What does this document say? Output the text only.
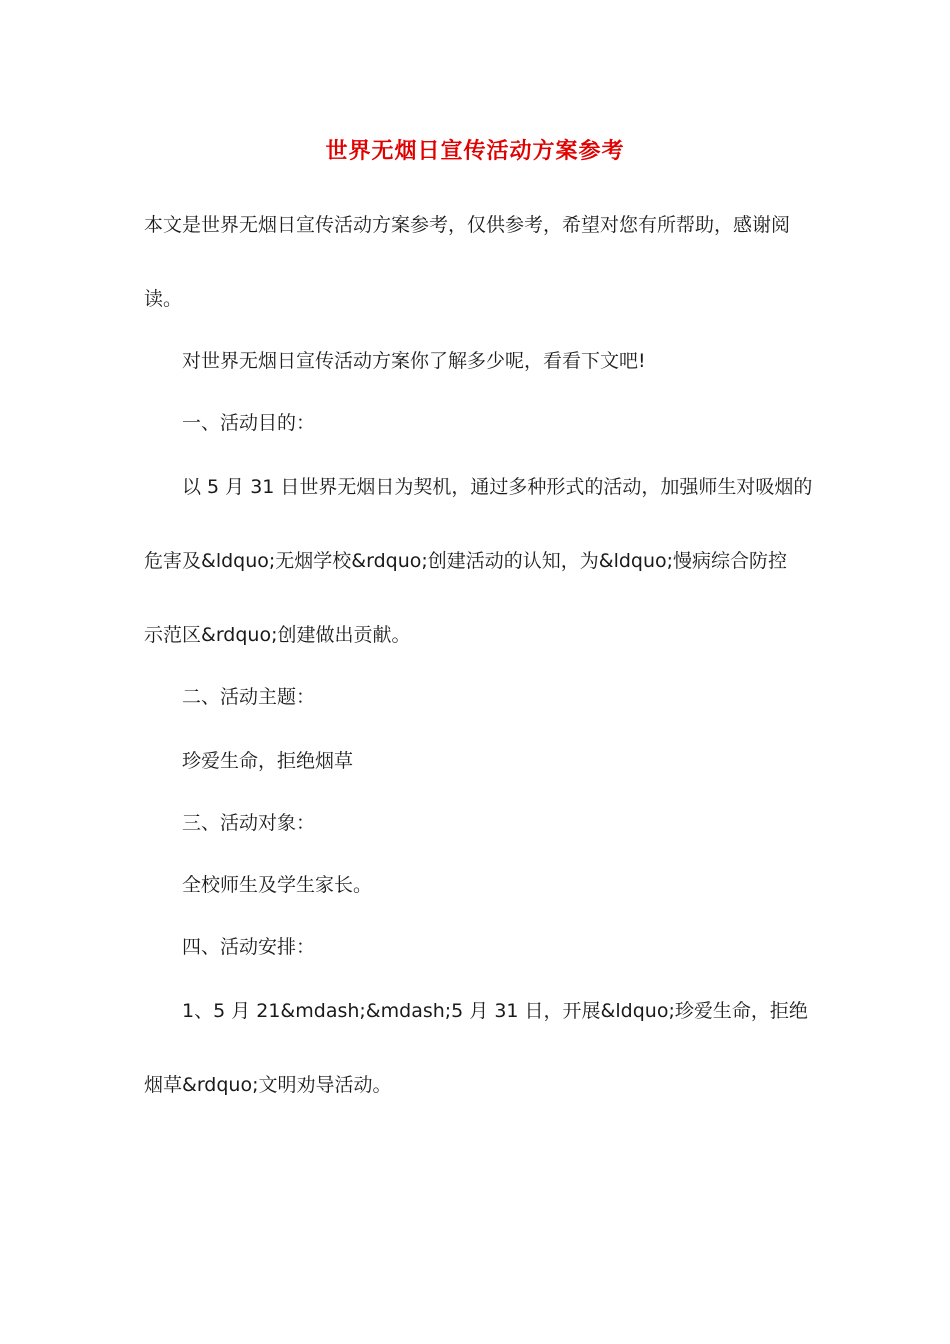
世界无烟日宣传活动方案参考

本文是世界无烟日宣传活动方案参考，仅供参考，希望对您有所帮助，感谢阅

读。

对世界无烟日宣传活动方案你了解多少呢，看看下文吧!

一、活动目的：

以 5 月 31 日世界无烟日为契机，通过多种形式的活动，加强师生对吸烟的

危害及&ldquo;无烟学校&rdquo;创建活动的认知，为&ldquo;慢病综合防控

示范区&rdquo;创建做出贡献。

二、活动主题：

珍爱生命，拒绝烟草

三、活动对象：

全校师生及学生家长。

四、活动安排：

1、5 月 21&mdash;&mdash;5 月 31 日，开展&ldquo;珍爱生命，拒绝

烟草&rdquo;文明劝导活动。
